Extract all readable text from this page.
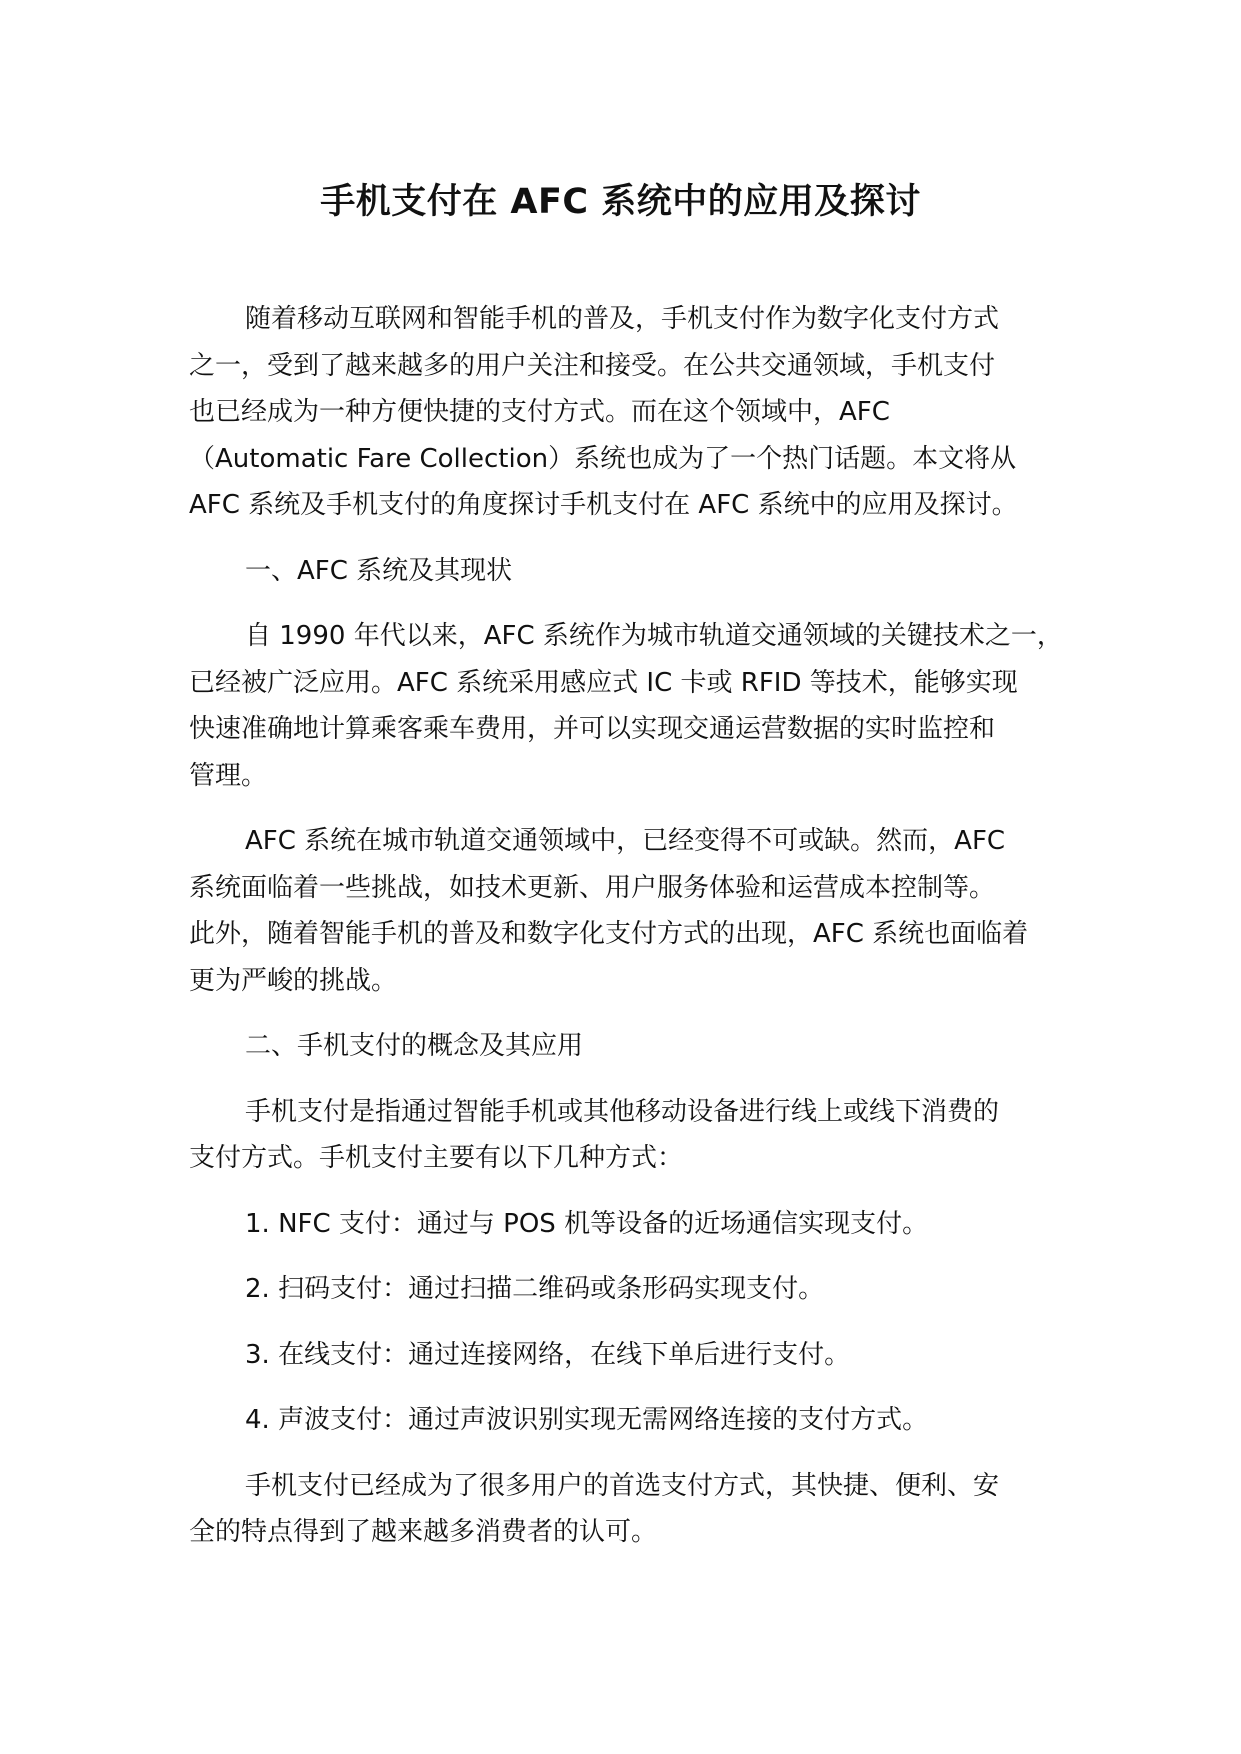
手机支付在 AFC 系统中的应用及探讨

随着移动互联网和智能手机的普及，手机支付作为数字化支付方式
之一，受到了越来越多的用户关注和接受。在公共交通领域，手机支付
也已经成为一种方便快捷的支付方式。而在这个领域中，AFC
（Automatic Fare Collection）系统也成为了一个热门话题。本文将从
AFC 系统及手机支付的角度探讨手机支付在 AFC 系统中的应用及探讨。

一、AFC 系统及其现状

自 1990 年代以来，AFC 系统作为城市轨道交通领域的关键技术之一，
已经被广泛应用。AFC 系统采用感应式 IC 卡或 RFID 等技术，能够实现
快速准确地计算乘客乘车费用，并可以实现交通运营数据的实时监控和
管理。

AFC 系统在城市轨道交通领域中，已经变得不可或缺。然而，AFC
系统面临着一些挑战，如技术更新、用户服务体验和运营成本控制等。
此外，随着智能手机的普及和数字化支付方式的出现，AFC 系统也面临着
更为严峻的挑战。

二、手机支付的概念及其应用

手机支付是指通过智能手机或其他移动设备进行线上或线下消费的
支付方式。手机支付主要有以下几种方式：

1. NFC 支付：通过与 POS 机等设备的近场通信实现支付。

2. 扫码支付：通过扫描二维码或条形码实现支付。

3. 在线支付：通过连接网络，在线下单后进行支付。

4. 声波支付：通过声波识别实现无需网络连接的支付方式。

手机支付已经成为了很多用户的首选支付方式，其快捷、便利、安
全的特点得到了越来越多消费者的认可。
